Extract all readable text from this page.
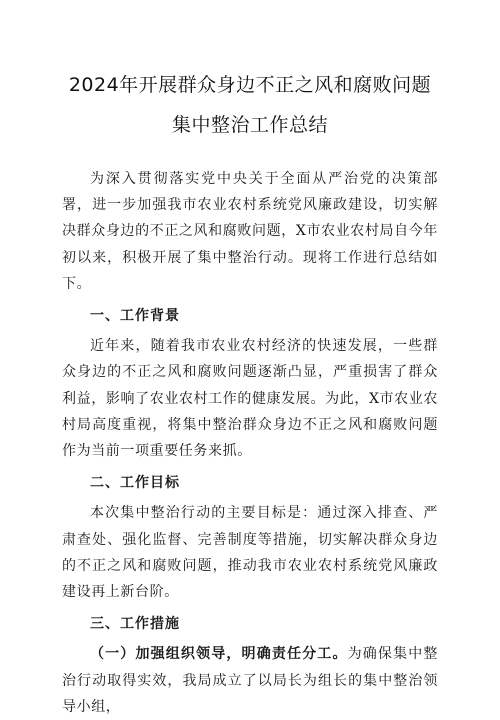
2024年开展群众身边不正之风和腐败问题
集中整治工作总结

为深入贯彻落实党中央关于全面从严治党的决策部署，进一步加强我市农业农村系统党风廉政建设，切实解决群众身边的不正之风和腐败问题，X市农业农村局自今年初以来，积极开展了集中整治行动。现将工作进行总结如下。

一、工作背景

近年来，随着我市农业农村经济的快速发展，一些群众身边的不正之风和腐败问题逐渐凸显，严重损害了群众利益，影响了农业农村工作的健康发展。为此，X市农业农村局高度重视，将集中整治群众身边不正之风和腐败问题作为当前一项重要任务来抓。

二、工作目标

本次集中整治行动的主要目标是：通过深入排查、严肃查处、强化监督、完善制度等措施，切实解决群众身边的不正之风和腐败问题，推动我市农业农村系统党风廉政建设再上新台阶。

三、工作措施

（一）加强组织领导，明确责任分工。为确保集中整治行动取得实效，我局成立了以局长为组长的集中整治领导小组，
